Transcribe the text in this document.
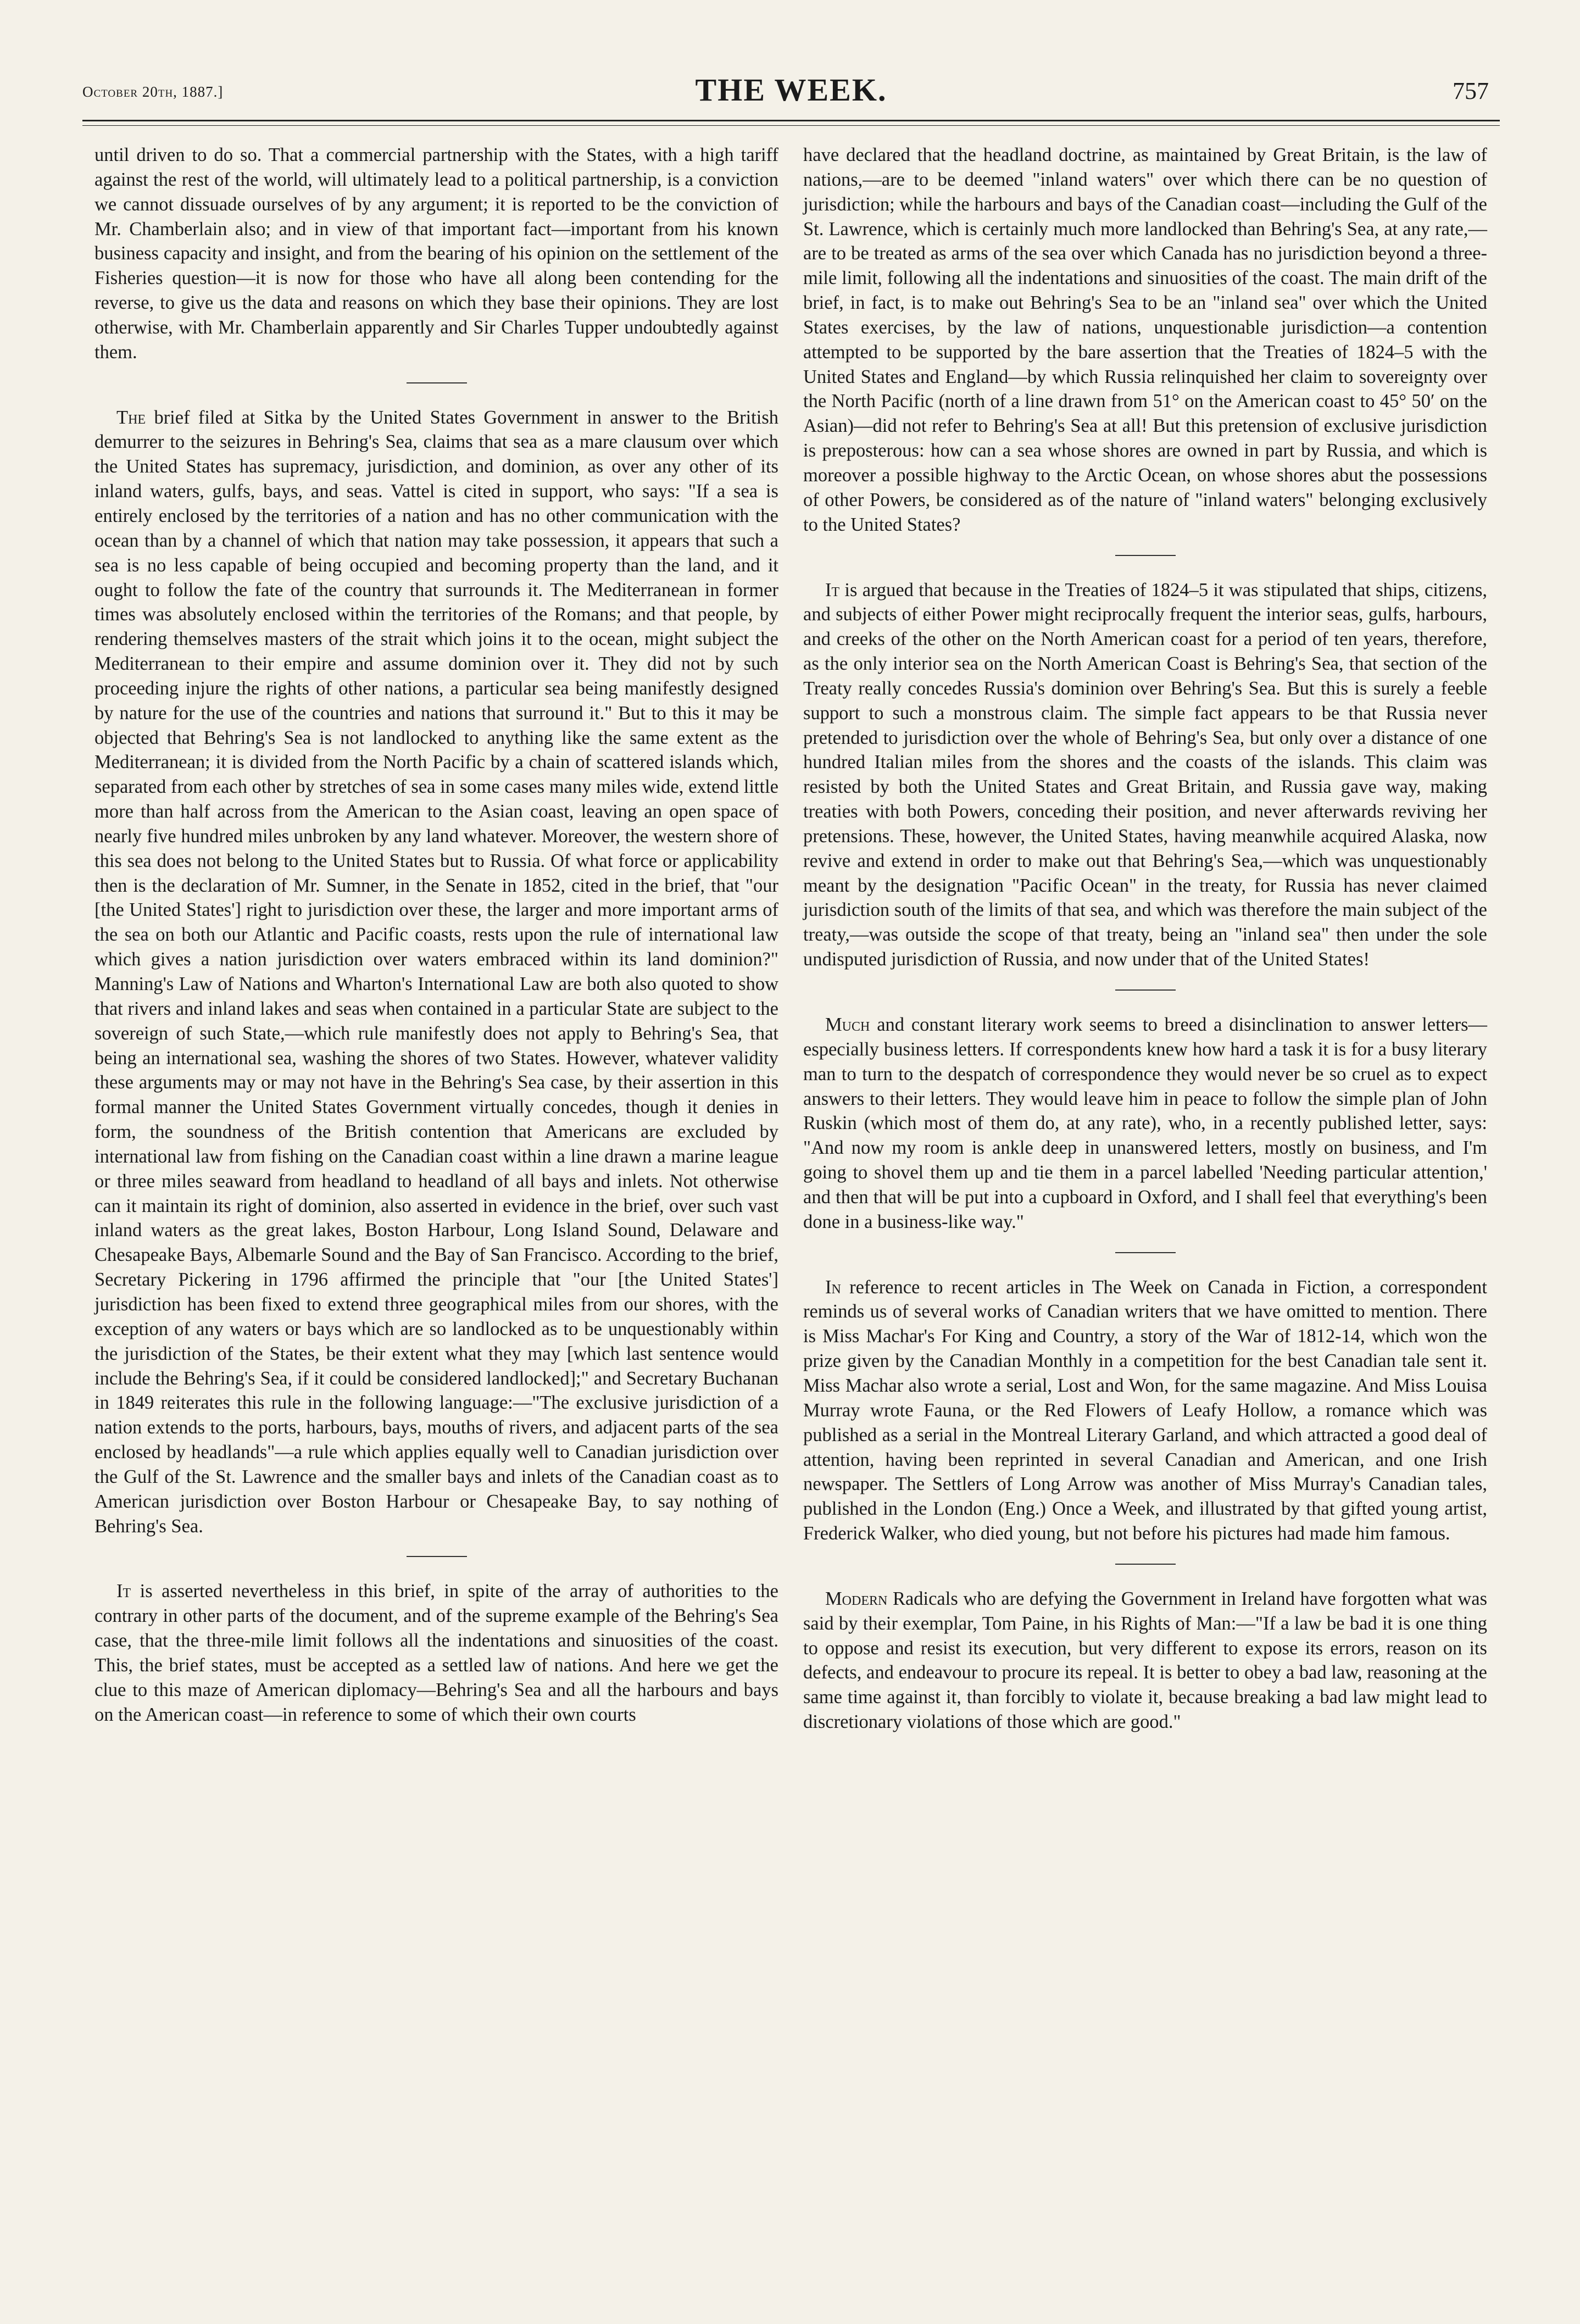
October 20th, 1887.]	THE WEEK.	757

until driven to do so. That a commercial partnership with the States, with a high tariff against the rest of the world, will ultimately lead to a political partnership, is a conviction we cannot dissuade ourselves of by any argument; it is reported to be the conviction of Mr. Chamberlain also; and in view of that important fact—important from his known business capacity and insight, and from the bearing of his opinion on the settlement of the Fisheries question—it is now for those who have all along been contending for the reverse, to give us the data and reasons on which they base their opinions. They are lost otherwise, with Mr. Chamberlain apparently and Sir Charles Tupper undoubtedly against them.

The brief filed at Sitka by the United States Government in answer to the British demurrer to the seizures in Behring's Sea, claims that sea as a mare clausum over which the United States has supremacy, jurisdiction, and dominion, as over any other of its inland waters, gulfs, bays, and seas. Vattel is cited in support, who says: "If a sea is entirely enclosed by the territories of a nation and has no other communication with the ocean than by a channel of which that nation may take possession, it appears that such a sea is no less capable of being occupied and becoming property than the land, and it ought to follow the fate of the country that surrounds it. The Mediterranean in former times was absolutely enclosed within the territories of the Romans; and that people, by rendering themselves masters of the strait which joins it to the ocean, might subject the Mediterranean to their empire and assume dominion over it. They did not by such proceeding injure the rights of other nations, a particular sea being manifestly designed by nature for the use of the countries and nations that surround it." But to this it may be objected that Behring's Sea is not landlocked to anything like the same extent as the Mediterranean; it is divided from the North Pacific by a chain of scattered islands which, separated from each other by stretches of sea in some cases many miles wide, extend little more than half across from the American to the Asian coast, leaving an open space of nearly five hundred miles unbroken by any land whatever. Moreover, the western shore of this sea does not belong to the United States but to Russia. Of what force or applicability then is the declaration of Mr. Sumner, in the Senate in 1852, cited in the brief, that "our [the United States'] right to jurisdiction over these, the larger and more important arms of the sea on both our Atlantic and Pacific coasts, rests upon the rule of international law which gives a nation jurisdiction over waters embraced within its land dominion?" Manning's Law of Nations and Wharton's International Law are both also quoted to show that rivers and inland lakes and seas when contained in a particular State are subject to the sovereign of such State,—which rule manifestly does not apply to Behring's Sea, that being an international sea, washing the shores of two States. However, whatever validity these arguments may or may not have in the Behring's Sea case, by their assertion in this formal manner the United States Government virtually concedes, though it denies in form, the soundness of the British contention that Americans are excluded by international law from fishing on the Canadian coast within a line drawn a marine league or three miles seaward from headland to headland of all bays and inlets. Not otherwise can it maintain its right of dominion, also asserted in evidence in the brief, over such vast inland waters as the great lakes, Boston Harbour, Long Island Sound, Delaware and Chesapeake Bays, Albemarle Sound and the Bay of San Francisco. According to the brief, Secretary Pickering in 1796 affirmed the principle that "our [the United States'] jurisdiction has been fixed to extend three geographical miles from our shores, with the exception of any waters or bays which are so landlocked as to be unquestionably within the jurisdiction of the States, be their extent what they may [which last sentence would include the Behring's Sea, if it could be considered landlocked];" and Secretary Buchanan in 1849 reiterates this rule in the following language:—"The exclusive jurisdiction of a nation extends to the ports, harbours, bays, mouths of rivers, and adjacent parts of the sea enclosed by headlands"—a rule which applies equally well to Canadian jurisdiction over the Gulf of the St. Lawrence and the smaller bays and inlets of the Canadian coast as to American jurisdiction over Boston Harbour or Chesapeake Bay, to say nothing of Behring's Sea.

It is asserted nevertheless in this brief, in spite of the array of authorities to the contrary in other parts of the document, and of the supreme example of the Behring's Sea case, that the three-mile limit follows all the indentations and sinuosities of the coast. This, the brief states, must be accepted as a settled law of nations. And here we get the clue to this maze of American diplomacy—Behring's Sea and all the harbours and bays on the American coast—in reference to some of which their own courts

have declared that the headland doctrine, as maintained by Great Britain, is the law of nations,—are to be deemed "inland waters" over which there can be no question of jurisdiction; while the harbours and bays of the Canadian coast—including the Gulf of the St. Lawrence, which is certainly much more landlocked than Behring's Sea, at any rate,—are to be treated as arms of the sea over which Canada has no jurisdiction beyond a three-mile limit, following all the indentations and sinuosities of the coast. The main drift of the brief, in fact, is to make out Behring's Sea to be an "inland sea" over which the United States exercises, by the law of nations, unquestionable jurisdiction—a contention attempted to be supported by the bare assertion that the Treaties of 1824–5 with the United States and England—by which Russia relinquished her claim to sovereignty over the North Pacific (north of a line drawn from 51° on the American coast to 45° 50′ on the Asian)—did not refer to Behring's Sea at all! But this pretension of exclusive jurisdiction is preposterous: how can a sea whose shores are owned in part by Russia, and which is moreover a possible highway to the Arctic Ocean, on whose shores abut the possessions of other Powers, be considered as of the nature of "inland waters" belonging exclusively to the United States?

It is argued that because in the Treaties of 1824–5 it was stipulated that ships, citizens, and subjects of either Power might reciprocally frequent the interior seas, gulfs, harbours, and creeks of the other on the North American coast for a period of ten years, therefore, as the only interior sea on the North American Coast is Behring's Sea, that section of the Treaty really concedes Russia's dominion over Behring's Sea. But this is surely a feeble support to such a monstrous claim. The simple fact appears to be that Russia never pretended to jurisdiction over the whole of Behring's Sea, but only over a distance of one hundred Italian miles from the shores and the coasts of the islands. This claim was resisted by both the United States and Great Britain, and Russia gave way, making treaties with both Powers, conceding their position, and never afterwards reviving her pretensions. These, however, the United States, having meanwhile acquired Alaska, now revive and extend in order to make out that Behring's Sea,—which was unquestionably meant by the designation "Pacific Ocean" in the treaty, for Russia has never claimed jurisdiction south of the limits of that sea, and which was therefore the main subject of the treaty,—was outside the scope of that treaty, being an "inland sea" then under the sole undisputed jurisdiction of Russia, and now under that of the United States!

Much and constant literary work seems to breed a disinclination to answer letters—especially business letters. If correspondents knew how hard a task it is for a busy literary man to turn to the despatch of correspondence they would never be so cruel as to expect answers to their letters. They would leave him in peace to follow the simple plan of John Ruskin (which most of them do, at any rate), who, in a recently published letter, says: "And now my room is ankle deep in unanswered letters, mostly on business, and I'm going to shovel them up and tie them in a parcel labelled 'Needing particular attention,' and then that will be put into a cupboard in Oxford, and I shall feel that everything's been done in a business-like way."

In reference to recent articles in The Week on Canada in Fiction, a correspondent reminds us of several works of Canadian writers that we have omitted to mention. There is Miss Machar's For King and Country, a story of the War of 1812-14, which won the prize given by the Canadian Monthly in a competition for the best Canadian tale sent it. Miss Machar also wrote a serial, Lost and Won, for the same magazine. And Miss Louisa Murray wrote Fauna, or the Red Flowers of Leafy Hollow, a romance which was published as a serial in the Montreal Literary Garland, and which attracted a good deal of attention, having been reprinted in several Canadian and American, and one Irish newspaper. The Settlers of Long Arrow was another of Miss Murray's Canadian tales, published in the London (Eng.) Once a Week, and illustrated by that gifted young artist, Frederick Walker, who died young, but not before his pictures had made him famous.

Modern Radicals who are defying the Government in Ireland have forgotten what was said by their exemplar, Tom Paine, in his Rights of Man:—"If a law be bad it is one thing to oppose and resist its execution, but very different to expose its errors, reason on its defects, and endeavour to procure its repeal. It is better to obey a bad law, reasoning at the same time against it, than forcibly to violate it, because breaking a bad law might lead to discretionary violations of those which are good."
